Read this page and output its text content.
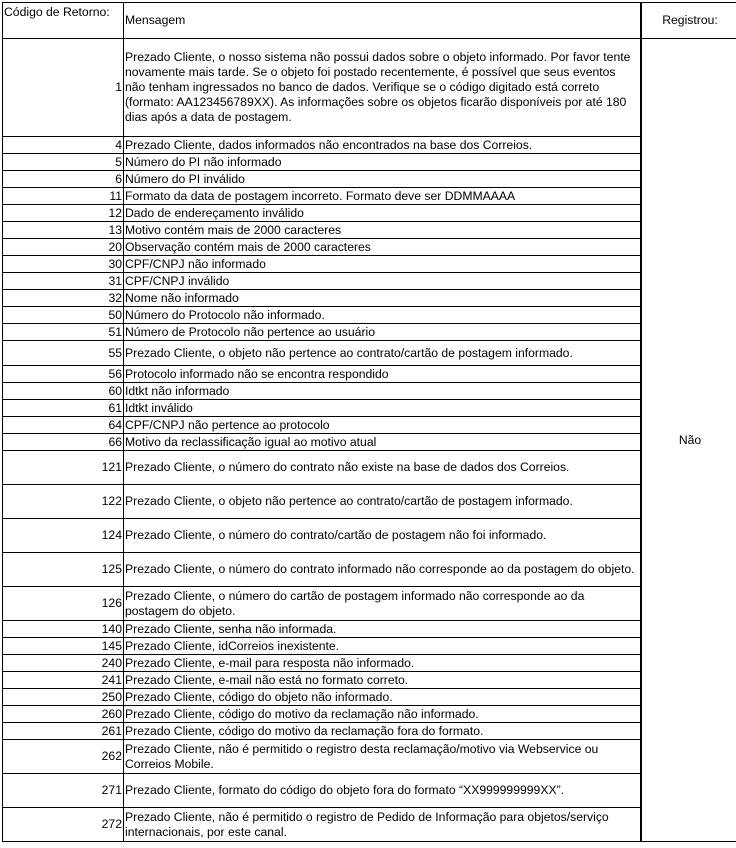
Código de Retorno:	Mensagem	Registrou:
1	Prezado Cliente, o nosso sistema não possui dados sobre o objeto informado. Por favor tente novamente mais tarde. Se o objeto foi postado recentemente, é possível que seus eventos não tenham ingressados no banco de dados. Verifique se o código digitado está correto (formato: AA123456789XX). As informações sobre os objetos ficarão disponíveis por até 180 dias após a data de postagem.	Não
4	Prezado Cliente, dados informados não encontrados na base dos Correios.	
5	Número do PI não informado	
6	Número do PI inválido	
11	Formato da data de postagem incorreto. Formato deve ser DDMMAAAA	
12	Dado de endereçamento inválido	
13	Motivo contém mais de 2000 caracteres	
20	Observação contém mais de 2000 caracteres	
30	CPF/CNPJ não informado	
31	CPF/CNPJ inválido	
32	Nome não informado	
50	Número do Protocolo não informado.	
51	Número de Protocolo não pertence ao usuário	
55	Prezado Cliente, o objeto não pertence ao contrato/cartão de postagem informado.	
56	Protocolo informado não se encontra respondido	
60	Idtkt não informado	
61	Idtkt inválido	
64	CPF/CNPJ não pertence ao protocolo	
66	Motivo da reclassificação igual ao motivo atual	
121	Prezado Cliente, o número do contrato não existe na base de dados dos Correios.	
122	Prezado Cliente, o objeto não pertence ao contrato/cartão de postagem informado.	
124	Prezado Cliente, o número do contrato/cartão de postagem não foi informado.	
125	Prezado Cliente, o número do contrato informado não corresponde ao da postagem do objeto.	
126	Prezado Cliente, o número do cartão de postagem informado não corresponde ao da postagem do objeto.	
140	Prezado Cliente, senha não informada.	
145	Prezado Cliente, idCorreios inexistente.	
240	Prezado Cliente, e-mail para resposta não informado.	
241	Prezado Cliente, e-mail não está no formato correto.	
250	Prezado Cliente, código do objeto não informado.	
260	Prezado Cliente, código do motivo da reclamação não informado.	
261	Prezado Cliente, código do motivo da reclamação fora do formato.	
262	Prezado Cliente, não é permitido o registro desta reclamação/motivo via Webservice ou Correios Mobile.	
271	Prezado Cliente, formato do código do objeto fora do formato “XX999999999XX”.	
272	Prezado Cliente, não é permitido o registro de Pedido de Informação para objetos/serviço internacionais, por este canal.	
